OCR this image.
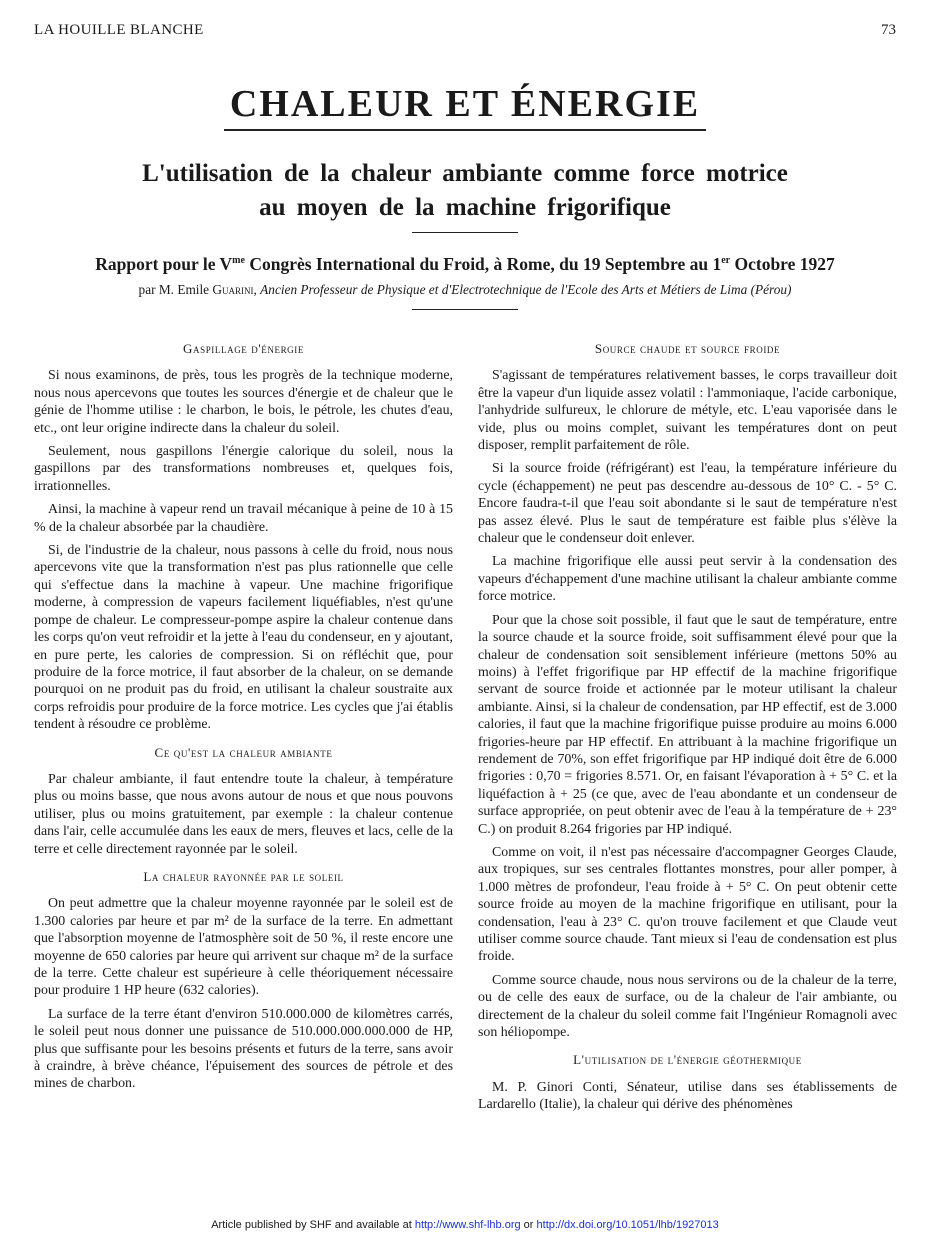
LA HOUILLE BLANCHE	73
CHALEUR ET ÉNERGIE
L'utilisation de la chaleur ambiante comme force motrice
au moyen de la machine frigorifique
Rapport pour le $V^{me}$ Congrès International du Froid, à Rome, du 19 Septembre au 1er Octobre 1927
par M. Emile Guarini, Ancien Professeur de Physique et d'Electrotechnique de l'Ecole des Arts et Métiers de Lima (Pérou)
Gaspillage d'énergie

Si nous examinons, de près, tous les progrès de la technique moderne, nous nous apercevons que toutes les sources d'énergie et de chaleur que le génie de l'homme utilise : le charbon, le bois, le pétrole, les chutes d'eau, etc., ont leur origine indirecte dans la chaleur du soleil.

Seulement, nous gaspillons l'énergie calorique du soleil, nous la gaspillons par des transformations nombreuses et, quelques fois, irrationnelles.

Ainsi, la machine à vapeur rend un travail mécanique à peine de 10 à 15 % de la chaleur absorbée par la chaudière.

Si, de l'industrie de la chaleur, nous passons à celle du froid, nous nous apercevons vite que la transformation n'est pas plus rationnelle que celle qui s'effectue dans la machine à vapeur. Une machine frigorifique moderne, à compression de vapeurs facilement liquéfiables, n'est qu'une pompe de chaleur. Le compresseur-pompe aspire la chaleur contenue dans les corps qu'on veut refroidir et la jette à l'eau du condenseur, en y ajoutant, en pure perte, les calories de compression. Si on réfléchit que, pour produire de la force motrice, il faut absorber de la chaleur, on se demande pourquoi on ne produit pas du froid, en utilisant la chaleur soustraite aux corps refroidis pour produire de la force motrice. Les cycles que j'ai établis tendent à résoudre ce problème.

Ce qu'est la chaleur ambiante

Par chaleur ambiante, il faut entendre toute la chaleur, à température plus ou moins basse, que nous avons autour de nous et que nous pouvons utiliser, plus ou moins gratuitement, par exemple : la chaleur contenue dans l'air, celle accumulée dans les eaux de mers, fleuves et lacs, celle de la terre et celle directement rayonnée par le soleil.

La chaleur rayonnée par le soleil

On peut admettre que la chaleur moyenne rayonnée par le soleil est de 1.300 calories par heure et par m² de la surface de la terre. En admettant que l'absorption moyenne de l'atmosphère soit de 50 %, il reste encore une moyenne de 650 calories par heure qui arrivent sur chaque m² de la surface de la terre. Cette chaleur est supérieure à celle théoriquement nécessaire pour produire 1 HP heure (632 calories).

La surface de la terre étant d'environ 510.000.000 de kilomètres carrés, le soleil peut nous donner une puissance de 510.000.000.000.000 de HP, plus que suffisante pour les besoins présents et futurs de la terre, sans avoir à craindre, à brève chéance, l'épuisement des sources de pétrole et des mines de charbon.

Source chaude et source froide

S'agissant de températures relativement basses, le corps travailleur doit être la vapeur d'un liquide assez volatil : l'ammoniaque, l'acide carbonique, l'anhydride sulfureux, le chlorure de métyle, etc. L'eau vaporisée dans le vide, plus ou moins complet, suivant les températures dont on peut disposer, remplit parfaitement de rôle.

Si la source froide (réfrigérant) est l'eau, la température inférieure du cycle (échappement) ne peut pas descendre au-dessous de 10° C. - 5° C. Encore faudra-t-il que l'eau soit abondante si le saut de température n'est pas assez élevé. Plus le saut de température est faible plus s'élève la chaleur que le condenseur doit enlever.

La machine frigorifique elle aussi peut servir à la condensation des vapeurs d'échappement d'une machine utilisant la chaleur ambiante comme force motrice.

Pour que la chose soit possible, il faut que le saut de température, entre la source chaude et la source froide, soit suffisamment élevé pour que la chaleur de condensation soit sensiblement inférieure (mettons 50% au moins) à l'effet frigorifique par HP effectif de la machine frigorifique servant de source froide et actionnée par le moteur utilisant la chaleur ambiante. Ainsi, si la chaleur de condensation, par HP effectif, est de 3.000 calories, il faut que la machine frigorifique puisse produire au moins 6.000 frigories-heure par HP effectif. En attribuant à la machine frigorifique un rendement de 70%, son effet frigorifique par HP indiqué doit être de 6.000 frigories : 0,70 = frigories 8.571. Or, en faisant l'évaporation à + 5° C. et la liquéfaction à + 25 (ce que, avec de l'eau abondante et un condenseur de surface appropriée, on peut obtenir avec de l'eau à la température de + 23° C.) on produit 8.264 frigories par HP indiqué.

Comme on voit, il n'est pas nécessaire d'accompagner Georges Claude, aux tropiques, sur ses centrales flottantes monstres, pour aller pomper, à 1.000 mètres de profondeur, l'eau froide à + 5° C. On peut obtenir cette source froide au moyen de la machine frigorifique en utilisant, pour la condensation, l'eau à 23° C. qu'on trouve facilement et que Claude veut utiliser comme source chaude. Tant mieux si l'eau de condensation est plus froide.

Comme source chaude, nous nous servirons ou de la chaleur de la terre, ou de celle des eaux de surface, ou de la chaleur de l'air ambiante, ou directement de la chaleur du soleil comme fait l'Ingénieur Romagnoli avec son héliopompe.

L'utilisation de l'énergie géothermique

M. P. Ginori Conti, Sénateur, utilise dans ses établissements de Lardarello (Italie), la chaleur qui dérive des phénomènes

Article published by SHF and available at http://www.shf-lhb.org or http://dx.doi.org/10.1051/lhb/1927013
